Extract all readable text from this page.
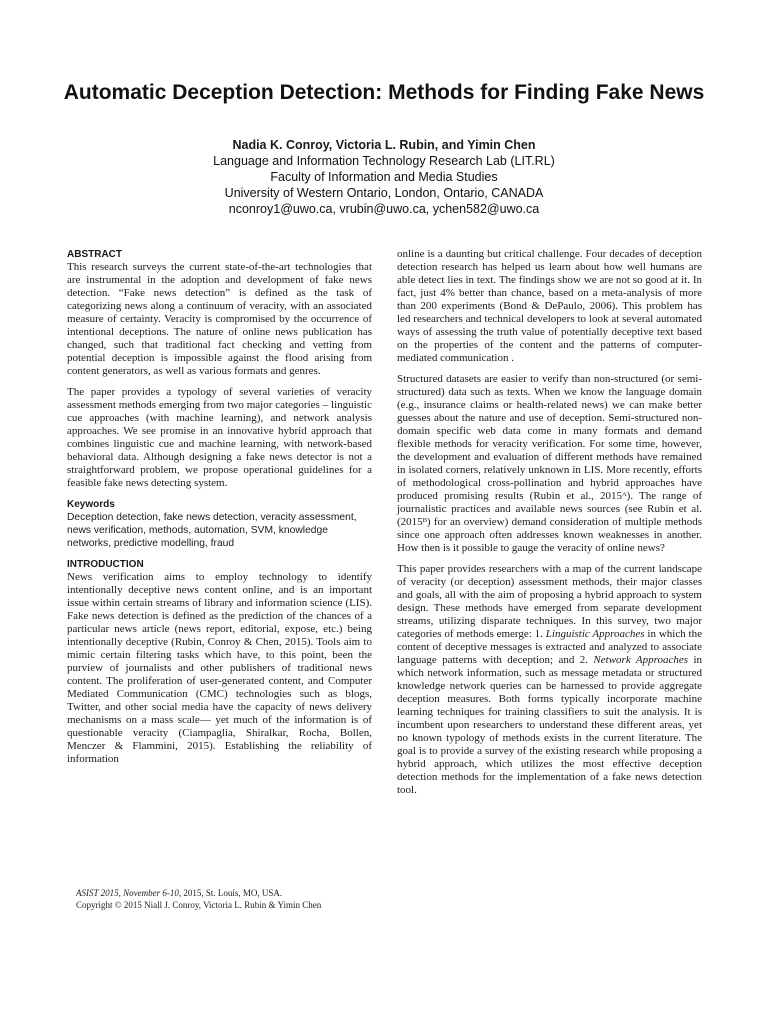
Automatic Deception Detection: Methods for Finding Fake News
Nadia K. Conroy, Victoria L. Rubin, and Yimin Chen
Language and Information Technology Research Lab (LIT.RL)
Faculty of Information and Media Studies
University of Western Ontario, London, Ontario, CANADA
nconroy1@uwo.ca, vrubin@uwo.ca, ychen582@uwo.ca
ABSTRACT

This research surveys the current state-of-the-art technologies that are instrumental in the adoption and development of fake news detection. “Fake news detection” is defined as the task of categorizing news along a continuum of veracity, with an associated measure of certainty. Veracity is compromised by the occurrence of intentional deceptions. The nature of online news publication has changed, such that traditional fact checking and vetting from potential deception is impossible against the flood arising from content generators, as well as various formats and genres.

The paper provides a typology of several varieties of veracity assessment methods emerging from two major categories – linguistic cue approaches (with machine learning), and network analysis approaches. We see promise in an innovative hybrid approach that combines linguistic cue and machine learning, with network-based behavioral data. Although designing a fake news detector is not a straightforward problem, we propose operational guidelines for a feasible fake news detecting system.

Keywords

Deception detection, fake news detection, veracity assessment, news verification, methods, automation, SVM, knowledge networks, predictive modelling, fraud

INTRODUCTION

News verification aims to employ technology to identify intentionally deceptive news content online, and is an important issue within certain streams of library and information science (LIS). Fake news detection is defined as the prediction of the chances of a particular news article (news report, editorial, expose, etc.) being intentionally deceptive (Rubin, Conroy & Chen, 2015). Tools aim to mimic certain filtering tasks which have, to this point, been the purview of journalists and other publishers of traditional news content. The proliferation of user-generated content, and Computer Mediated Communication (CMC) technologies such as blogs, Twitter, and other social media have the capacity of news delivery mechanisms on a mass scale— yet much of the information is of questionable veracity (Ciampaglia, Shiralkar, Rocha, Bollen, Menczer & Flammini, 2015). Establishing the reliability of information

online is a daunting but critical challenge. Four decades of deception detection research has helped us learn about how well humans are able detect lies in text. The findings show we are not so good at it. In fact, just 4% better than chance, based on a meta-analysis of more than 200 experiments (Bond & DePaulo, 2006). This problem has led researchers and technical developers to look at several automated ways of assessing the truth value of potentially deceptive text based on the properties of the content and the patterns of computer-mediated communication .

Structured datasets are easier to verify than non-structured (or semi-structured) data such as texts. When we know the language domain (e.g., insurance claims or health-related news) we can make better guesses about the nature and use of deception. Semi-structured non-domain specific web data come in many formats and demand flexible methods for veracity verification. For some time, however, the development and evaluation of different methods have remained in isolated corners, relatively unknown in LIS. More recently, efforts of methodological cross-pollination and hybrid approaches have produced promising results (Rubin et al., 2015ᴬ). The range of journalistic practices and available news sources (see Rubin et al. (2015ᴮ) for an overview) demand consideration of multiple methods since one approach often addresses known weaknesses in another. How then is it possible to gauge the veracity of online news?

This paper provides researchers with a map of the current landscape of veracity (or deception) assessment methods, their major classes and goals, all with the aim of proposing a hybrid approach to system design. These methods have emerged from separate development streams, utilizing disparate techniques. In this survey, two major categories of methods emerge: 1. Linguistic Approaches in which the content of deceptive messages is extracted and analyzed to associate language patterns with deception; and 2. Network Approaches in which network information, such as message metadata or structured knowledge network queries can be harnessed to provide aggregate deception measures. Both forms typically incorporate machine learning techniques for training classifiers to suit the analysis. It is incumbent upon researchers to understand these different areas, yet no known typology of methods exists in the current literature. The goal is to provide a survey of the existing research while proposing a hybrid approach, which utilizes the most effective deception detection methods for the implementation of a fake news detection tool.

ASIST 2015, November 6-10, 2015, St. Louis, MO, USA.
Copyright © 2015 Niall J. Conroy, Victoria L. Rubin & Yimin Chen
